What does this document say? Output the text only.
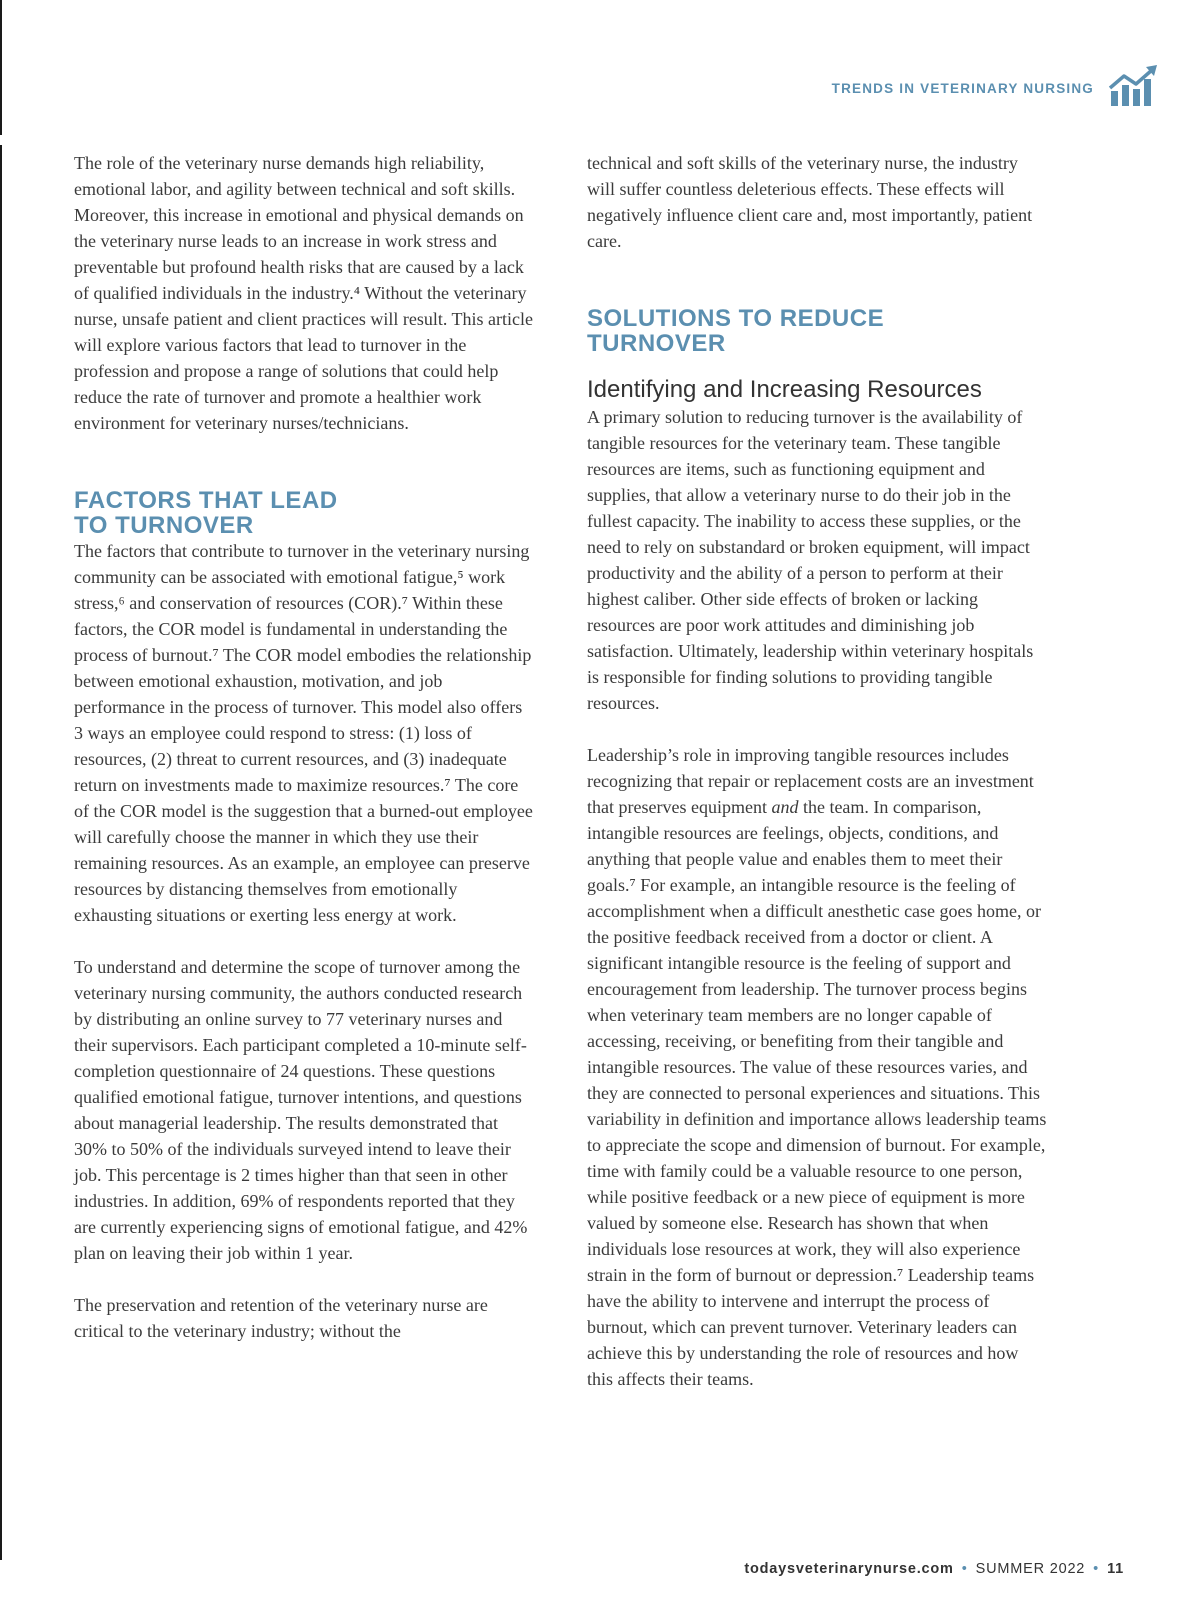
TRENDS IN VETERINARY NURSING

The role of the veterinary nurse demands high reliability, emotional labor, and agility between technical and soft skills. Moreover, this increase in emotional and physical demands on the veterinary nurse leads to an increase in work stress and preventable but profound health risks that are caused by a lack of qualified individuals in the industry.⁴ Without the veterinary nurse, unsafe patient and client practices will result. This article will explore various factors that lead to turnover in the profession and propose a range of solutions that could help reduce the rate of turnover and promote a healthier work environment for veterinary nurses/technicians.

FACTORS THAT LEAD
TO TURNOVER

The factors that contribute to turnover in the veterinary nursing community can be associated with emotional fatigue,⁵ work stress,⁶ and conservation of resources (COR).⁷ Within these factors, the COR model is fundamental in understanding the process of burnout.⁷ The COR model embodies the relationship between emotional exhaustion, motivation, and job performance in the process of turnover. This model also offers 3 ways an employee could respond to stress: (1) loss of resources, (2) threat to current resources, and (3) inadequate return on investments made to maximize resources.⁷ The core of the COR model is the suggestion that a burned-out employee will carefully choose the manner in which they use their remaining resources. As an example, an employee can preserve resources by distancing themselves from emotionally exhausting situations or exerting less energy at work.

To understand and determine the scope of turnover among the veterinary nursing community, the authors conducted research by distributing an online survey to 77 veterinary nurses and their supervisors. Each participant completed a 10-minute self-completion questionnaire of 24 questions. These questions qualified emotional fatigue, turnover intentions, and questions about managerial leadership. The results demonstrated that 30% to 50% of the individuals surveyed intend to leave their job. This percentage is 2 times higher than that seen in other industries. In addition, 69% of respondents reported that they are currently experiencing signs of emotional fatigue, and 42% plan on leaving their job within 1 year.

The preservation and retention of the veterinary nurse are critical to the veterinary industry; without the

technical and soft skills of the veterinary nurse, the industry will suffer countless deleterious effects. These effects will negatively influence client care and, most importantly, patient care.

SOLUTIONS TO REDUCE
TURNOVER
Identifying and Increasing Resources

A primary solution to reducing turnover is the availability of tangible resources for the veterinary team. These tangible resources are items, such as functioning equipment and supplies, that allow a veterinary nurse to do their job in the fullest capacity. The inability to access these supplies, or the need to rely on substandard or broken equipment, will impact productivity and the ability of a person to perform at their highest caliber. Other side effects of broken or lacking resources are poor work attitudes and diminishing job satisfaction. Ultimately, leadership within veterinary hospitals is responsible for finding solutions to providing tangible resources.

Leadership’s role in improving tangible resources includes recognizing that repair or replacement costs are an investment that preserves equipment and the team. In comparison, intangible resources are feelings, objects, conditions, and anything that people value and enables them to meet their goals.⁷ For example, an intangible resource is the feeling of accomplishment when a difficult anesthetic case goes home, or the positive feedback received from a doctor or client. A significant intangible resource is the feeling of support and encouragement from leadership. The turnover process begins when veterinary team members are no longer capable of accessing, receiving, or benefiting from their tangible and intangible resources. The value of these resources varies, and they are connected to personal experiences and situations. This variability in definition and importance allows leadership teams to appreciate the scope and dimension of burnout. For example, time with family could be a valuable resource to one person, while positive feedback or a new piece of equipment is more valued by someone else. Research has shown that when individuals lose resources at work, they will also experience strain in the form of burnout or depression.⁷ Leadership teams have the ability to intervene and interrupt the process of burnout, which can prevent turnover. Veterinary leaders can achieve this by understanding the role of resources and how this affects their teams.

todaysveterinarynurse.com • SUMMER 2022 • 11
